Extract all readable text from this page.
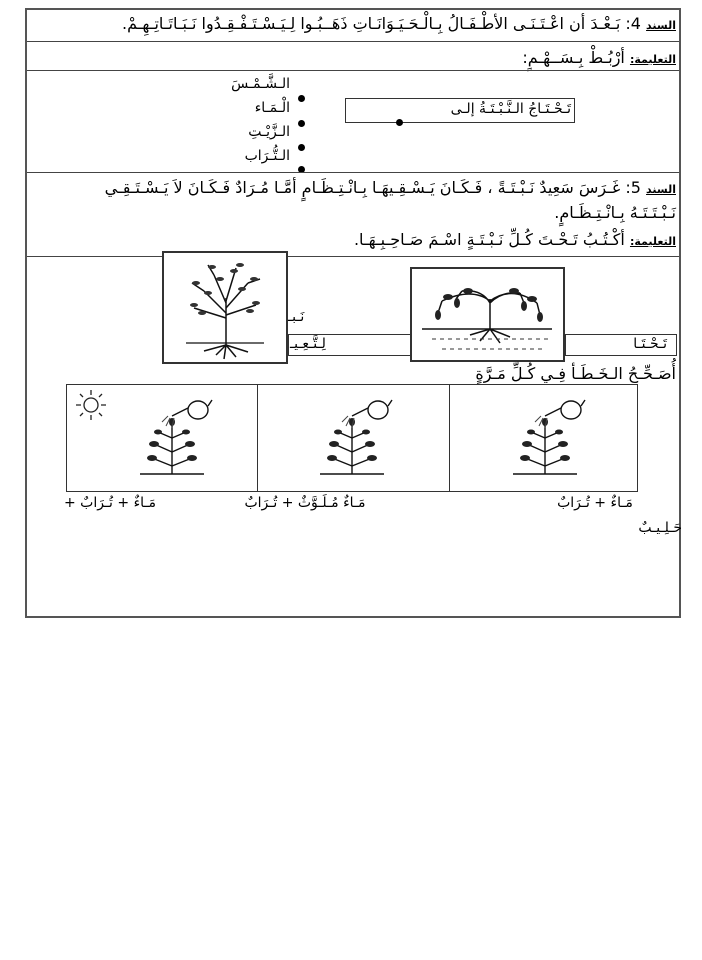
السند 4: بَـعْـدَ أن اعْـتَـنَـى الأطْـفَـالُ بِـالْـحَـيَـوَانَـاتِ ذَهَــبُـوا لِـيَـسْـتَـفْـقِـدُوا نَـبَـاتَـاتِـهِـمْ.
التعليمة: أرْبُـطْ بِـسَــهْـمٍ:
الـشَّـمْـسَ
الْـمَـاء
الـزَّيْـتِ
الـتُّـرَاب
تَـحْـتَـاجُ الـنَّـبْـتَـةُ إلـى
السند 5: غَـرَسَ سَعِيدٌ نَـبْـتَـةً ، فَـكَـانَ يَـسْـقِـيهَـا بِـانْـتِـظَـامٍ أمَّـا مُـرَادٌ فَـكَـانَ لاَ يَـسْـتَـقِـي
نَـبْـتَـتَـهُ بِـانْـتِـظَـامٍ.
التعليمة: أكْـتُـبُ تَـحْـتَ كُـلِّ نَـبْـتَـةٍ اسْـمَ صَـاحِـبِـهَـا.
نَـبـ
لِـتَّـعِـيـ	تَـحْـتَـا
أُصَـحِّـحُ الـخَـطَـأ فِـي كُـلِّ مَـرَّةٍ
مَـاءٌ + تُـرَابٌ
مَـاءٌ مُـلَـوَّثٌ + تُـرَابٌ
مَـاءٌ + تُـرَابٌ +
حَـلِـيـبٌ
